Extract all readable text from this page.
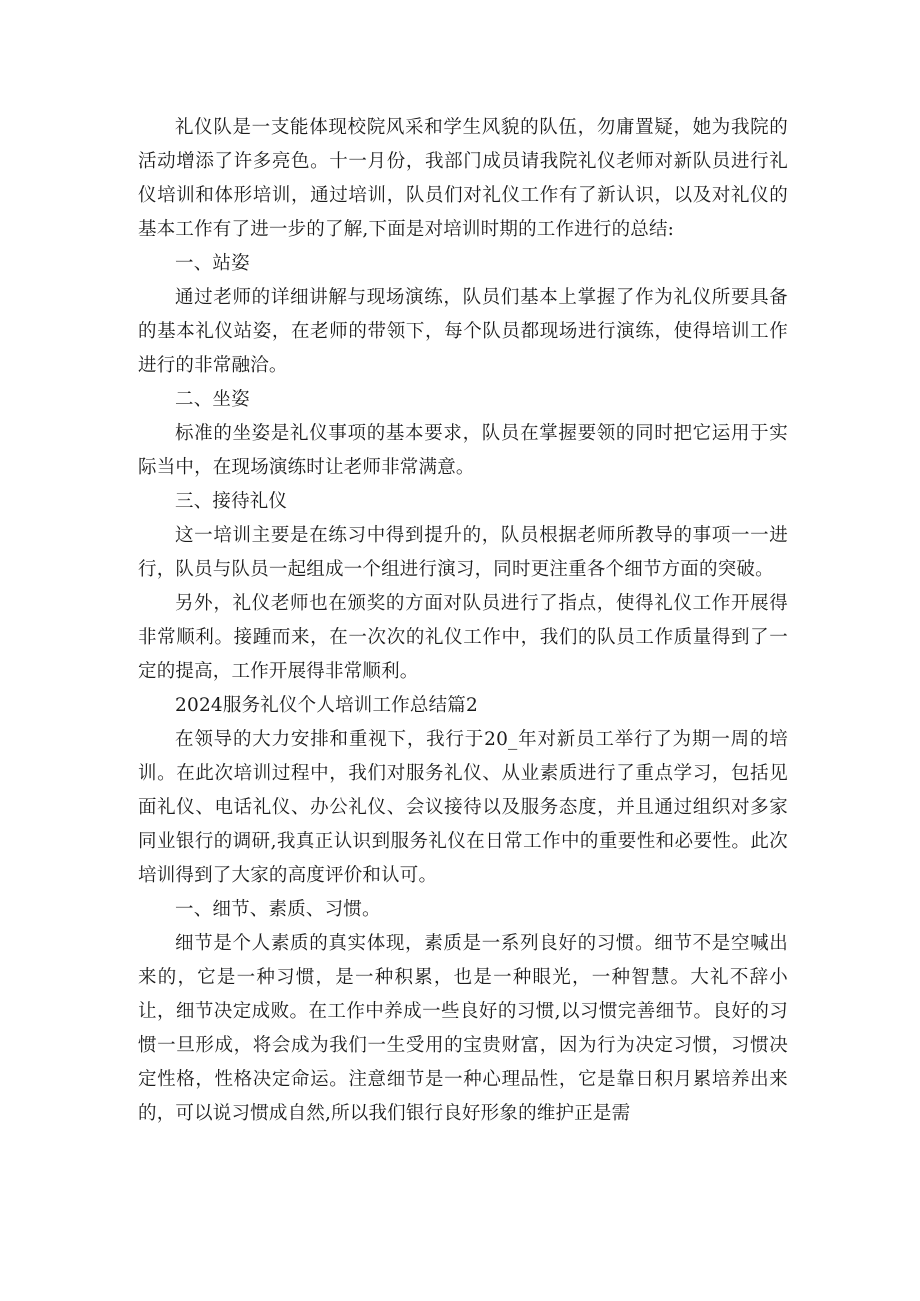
礼仪队是一支能体现校院风采和学生风貌的队伍，勿庸置疑，她为我院的活动增添了许多亮色。十一月份，我部门成员请我院礼仪老师对新队员进行礼仪培训和体形培训，通过培训，队员们对礼仪工作有了新认识，以及对礼仪的基本工作有了进一步的了解,下面是对培训时期的工作进行的总结:

一、站姿

通过老师的详细讲解与现场演练，队员们基本上掌握了作为礼仪所要具备的基本礼仪站姿，在老师的带领下，每个队员都现场进行演练，使得培训工作进行的非常融洽。

二、坐姿

标准的坐姿是礼仪事项的基本要求，队员在掌握要领的同时把它运用于实际当中，在现场演练时让老师非常满意。

三、接待礼仪

这一培训主要是在练习中得到提升的，队员根据老师所教导的事项一一进行，队员与队员一起组成一个组进行演习，同时更注重各个细节方面的突破。

另外，礼仪老师也在颁奖的方面对队员进行了指点，使得礼仪工作开展得非常顺利。接踵而来，在一次次的礼仪工作中，我们的队员工作质量得到了一定的提高，工作开展得非常顺利。

2024服务礼仪个人培训工作总结篇2

在领导的大力安排和重视下，我行于20_年对新员工举行了为期一周的培训。在此次培训过程中，我们对服务礼仪、从业素质进行了重点学习，包括见面礼仪、电话礼仪、办公礼仪、会议接待以及服务态度，并且通过组织对多家同业银行的调研,我真正认识到服务礼仪在日常工作中的重要性和必要性。此次培训得到了大家的高度评价和认可。

一、细节、素质、习惯。

细节是个人素质的真实体现，素质是一系列良好的习惯。细节不是空喊出来的，它是一种习惯，是一种积累，也是一种眼光，一种智慧。大礼不辞小让，细节决定成败。在工作中养成一些良好的习惯,以习惯完善细节。良好的习惯一旦形成，将会成为我们一生受用的宝贵财富，因为行为决定习惯，习惯决定性格，性格决定命运。注意细节是一种心理品性，它是靠日积月累培养出来的，可以说习惯成自然,所以我们银行良好形象的维护正是需
